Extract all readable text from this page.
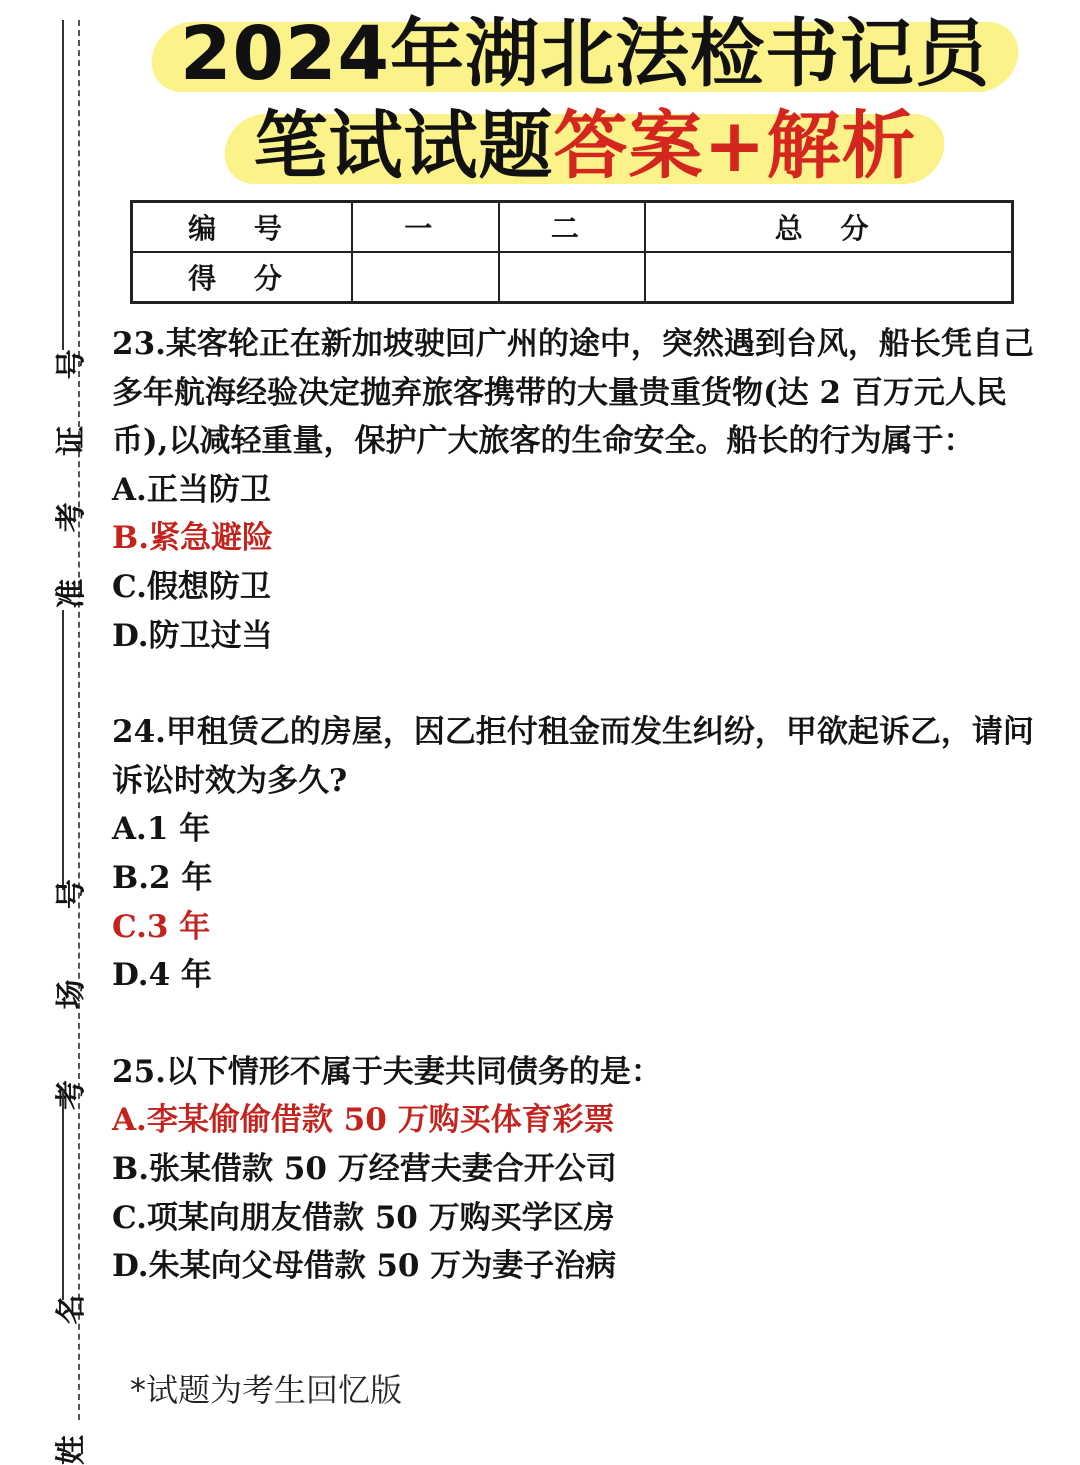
准 考 证 号
考 场 号
姓 名
2024年湖北法检书记员
笔试试题答案+解析
编 号	一	二	总 分
得 分			
23.某客轮正在新加坡驶回广州的途中，突然遇到台风，船长凭自己多年航海经验决定抛弃旅客携带的大量贵重货物(达 2 百万元人民币),以减轻重量，保护广大旅客的生命安全。船长的行为属于：
A.正当防卫
B.紧急避险
C.假想防卫
D.防卫过当
24.甲租赁乙的房屋，因乙拒付租金而发生纠纷，甲欲起诉乙，请问诉讼时效为多久?
A.1 年
B.2 年
C.3 年
D.4 年
25.以下情形不属于夫妻共同债务的是：
A.李某偷偷借款 50 万购买体育彩票
B.张某借款 50 万经营夫妻合开公司
C.项某向朋友借款 50 万购买学区房
D.朱某向父母借款 50 万为妻子治病
*试题为考生回忆版
